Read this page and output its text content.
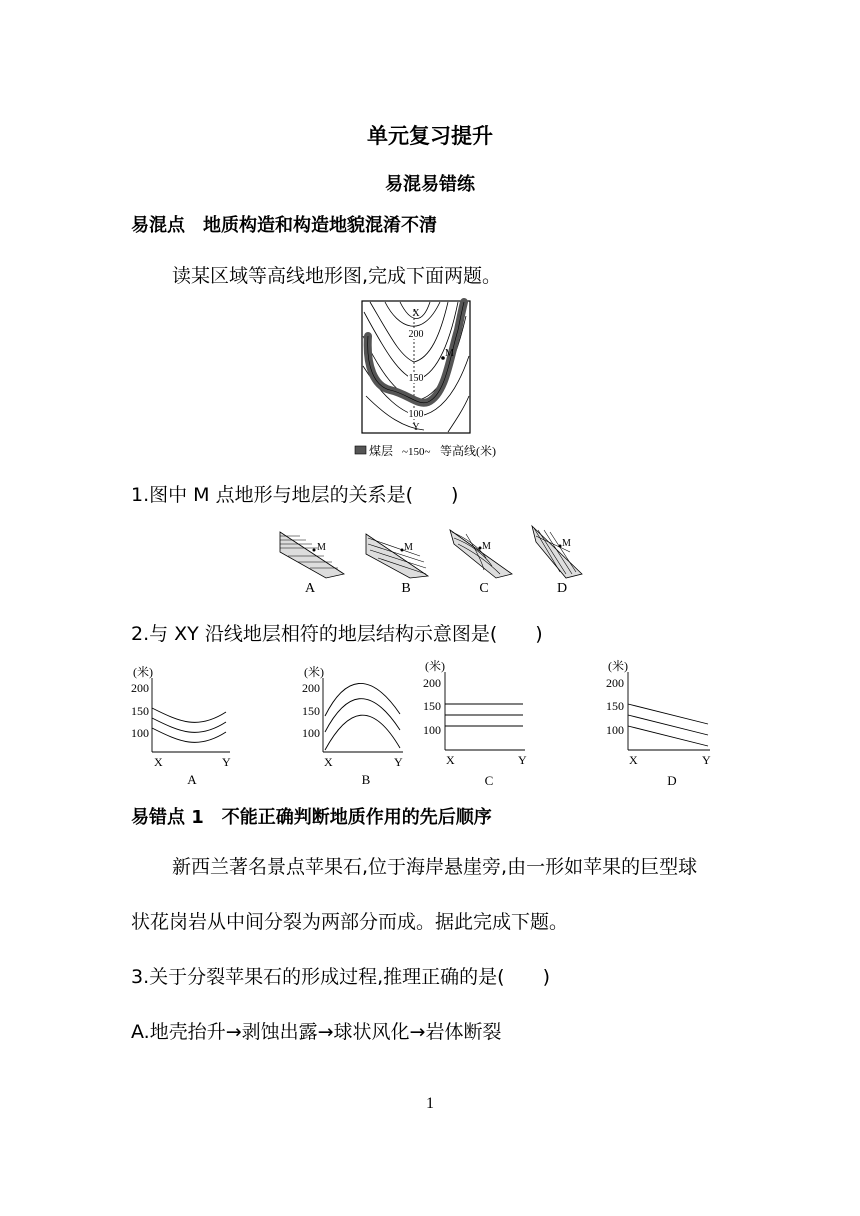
单元复习提升
易混易错练
易混点　地质构造和构造地貌混淆不清
读某区域等高线地形图,完成下面两题。
200
150
100
X
Y
M
煤层 ~150~ 等高线(米)
1.图中 M 点地形与地层的关系是(　　)
M
A
M
B
M
C
M
D
2.与 XY 沿线地层相符的地层结构示意图是(　　)
(米)
200
150
100
X	Y
A
(米)
200
150
100
X	Y
B
(米)
200
150
100
X	Y
C
(米)
200
150
100
X	Y
D
易错点 1　不能正确判断地质作用的先后顺序
新西兰著名景点苹果石,位于海岸悬崖旁,由一形如苹果的巨型球
状花岗岩从中间分裂为两部分而成。据此完成下题。
3.关于分裂苹果石的形成过程,推理正确的是(　　)
A.地壳抬升→剥蚀出露→球状风化→岩体断裂
1
